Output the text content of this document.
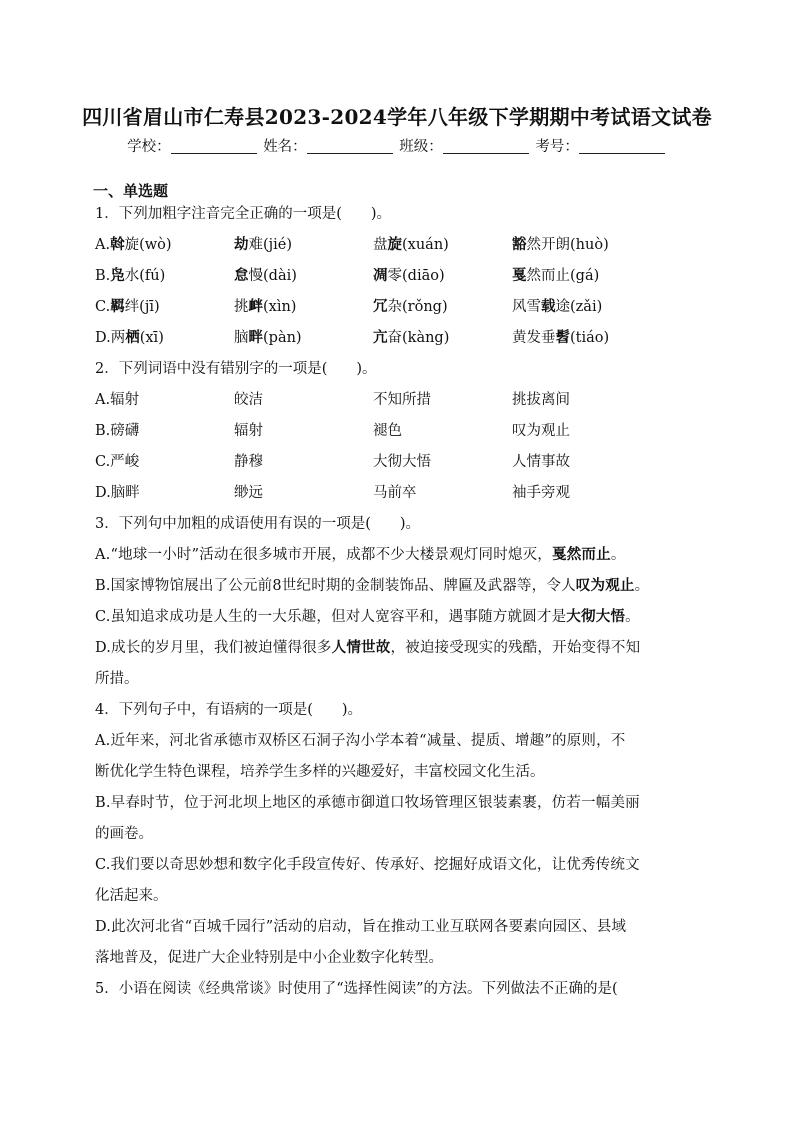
四川省眉山市仁寿县2023-2024学年八年级下学期期中考试语文试卷
学校：	姓名：	班级：	考号：
一、单选题
1．下列加粗字注音完全正确的一项是(　　)。
A.斡旋(wò)	劫难(jié)	盘旋(xuán)	豁然开朗(huò)
B.凫水(fú)	怠慢(dài)	凋零(diāo)	戛然而止(gá)
C.羁绊(jī)	挑衅(xìn)	冗杂(rǒng)	风雪载途(zǎi)
D.两栖(xī)	脑畔(pàn)	亢奋(kàng)	黄发垂髫(tiáo)
2．下列词语中没有错别字的一项是(　　)。
A.辐射	皎洁	不知所措	挑拔离间
B.磅礴	辐射	褪色	叹为观止
C.严峻	静穆	大彻大悟	人情事故
D.脑畔	缈远	马前卒	袖手旁观
3．下列句中加粗的成语使用有误的一项是(　　)。
A.“地球一小时”活动在很多城市开展，成都不少大楼景观灯同时熄灭，戛然而止。
B.国家博物馆展出了公元前8世纪时期的金制装饰品、牌匾及武器等，令人叹为观止。
C.虽知追求成功是人生的一大乐趣，但对人宽容平和，遇事随方就圆才是大彻大悟。
D.成长的岁月里，我们被迫懂得很多人情世故，被迫接受现实的残酷，开始变得不知
所措。
4．下列句子中，有语病的一项是(　　)。
A.近年来，河北省承德市双桥区石洞子沟小学本着“减量、提质、增趣”的原则，不
断优化学生特色课程，培养学生多样的兴趣爱好，丰富校园文化生活。
B.早春时节，位于河北坝上地区的承德市御道口牧场管理区银装素裹，仿若一幅美丽
的画卷。
C.我们要以奇思妙想和数字化手段宣传好、传承好、挖掘好成语文化，让优秀传统文
化活起来。
D.此次河北省“百城千园行”活动的启动，旨在推动工业互联网各要素向园区、县域
落地普及，促进广大企业特别是中小企业数字化转型。
5．小语在阅读《经典常谈》时使用了“选择性阅读”的方法。下列做法不正确的是(
